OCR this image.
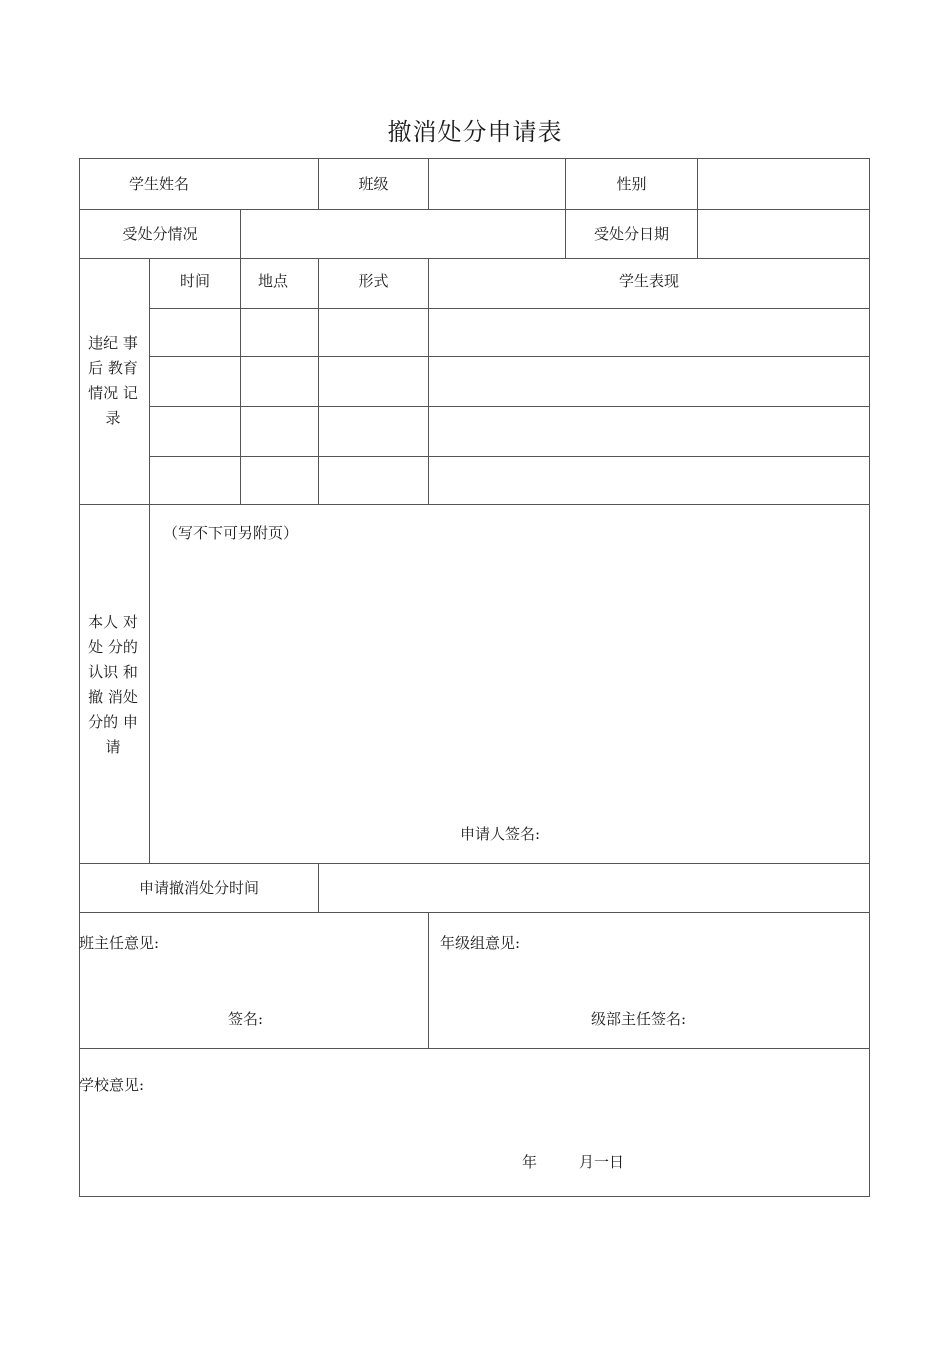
撤消处分申请表
学生姓名	班级	性别
受处分情况	受处分日期
违纪 事
后 教育
情况 记
录
时间	地点	形式	学生表现
本人 对
处 分的
认识 和
撤 消处
分的 申
请
（写不下可另附页）
申请人签名:
申请撤消处分时间
班主任意见:
签名:
年级组意见:
级部主任签名:
学校意见:
年	月一日
